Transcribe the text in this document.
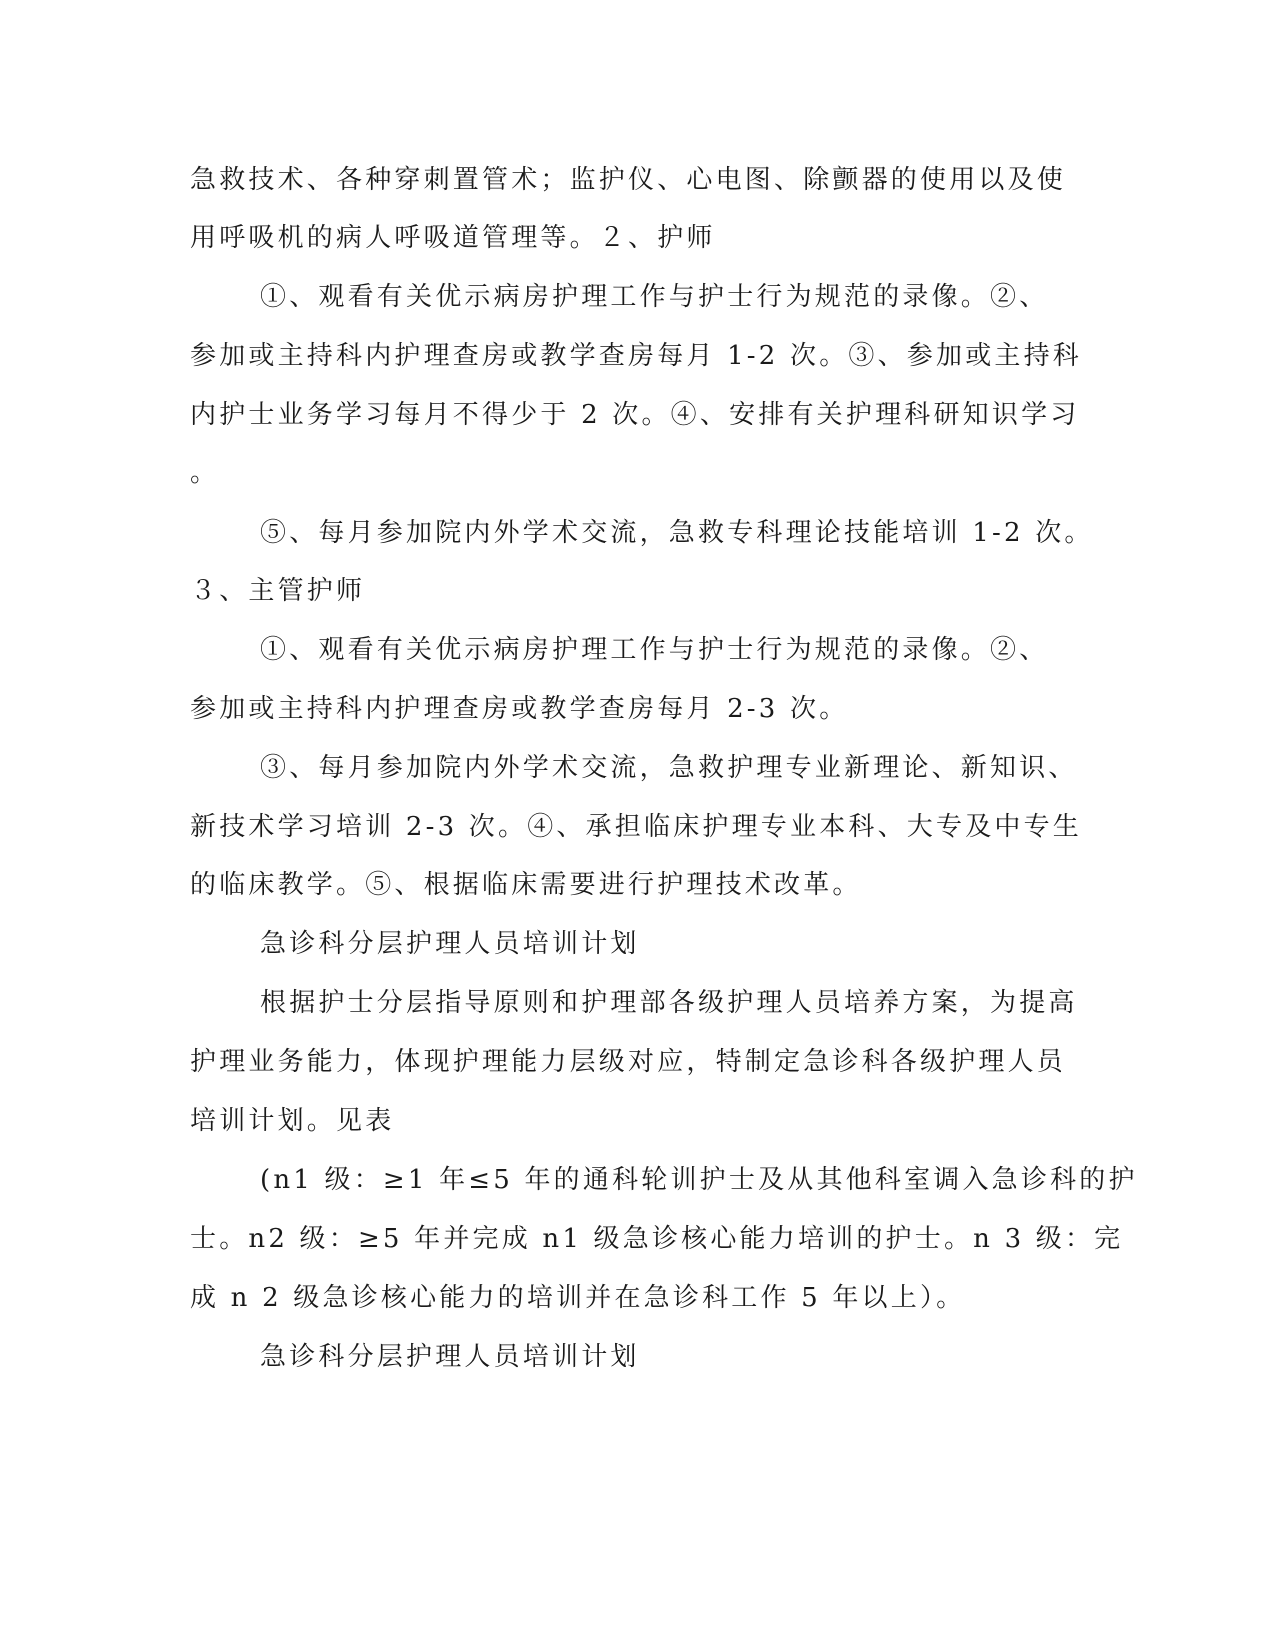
急救技术、各种穿刺置管术；监护仪、心电图、除颤器的使用以及使
用呼吸机的病人呼吸道管理等。２、护师
①、观看有关优示病房护理工作与护士行为规范的录像。②、
参加或主持科内护理查房或教学查房每月 1-2 次。③、参加或主持科
内护士业务学习每月不得少于 2 次。④、安排有关护理科研知识学习
。
⑤、每月参加院内外学术交流，急救专科理论技能培训 1-2 次。
３、主管护师
①、观看有关优示病房护理工作与护士行为规范的录像。②、
参加或主持科内护理查房或教学查房每月 2-3 次。
③、每月参加院内外学术交流，急救护理专业新理论、新知识、
新技术学习培训 2-3 次。④、承担临床护理专业本科、大专及中专生
的临床教学。⑤、根据临床需要进行护理技术改革。
急诊科分层护理人员培训计划
根据护士分层指导原则和护理部各级护理人员培养方案，为提高
护理业务能力，体现护理能力层级对应，特制定急诊科各级护理人员
培训计划。见表
(n1 级：≥1 年≤5 年的通科轮训护士及从其他科室调入急诊科的护
士。n2 级：≥5 年并完成 n1 级急诊核心能力培训的护士。n 3 级：完
成 n 2 级急诊核心能力的培训并在急诊科工作 5 年以上）。
急诊科分层护理人员培训计划
